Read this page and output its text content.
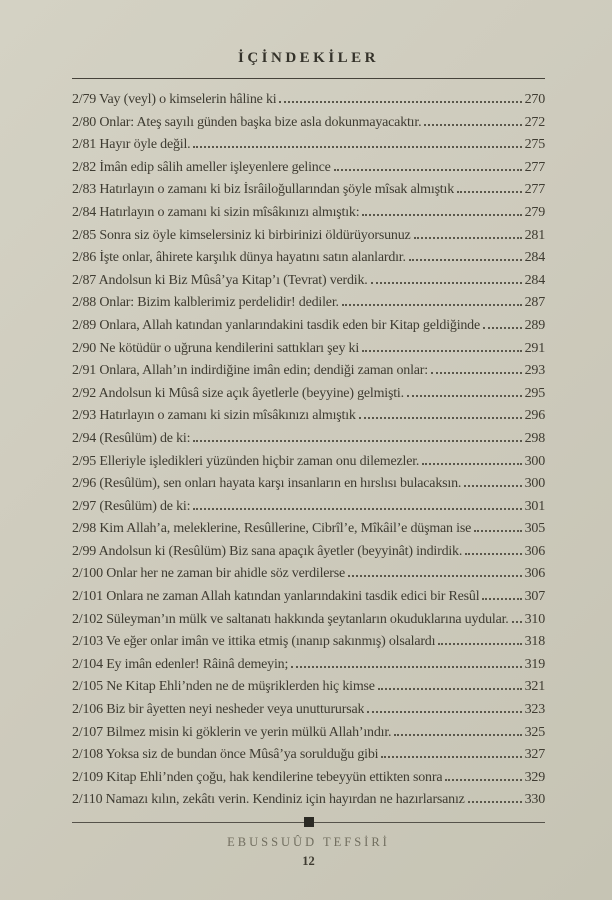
İÇİNDEKİLER
2/79 Vay (veyl) o kimselerin hâline ki	270
2/80 Onlar: Ateş sayılı günden başka bize asla dokunmayacaktır.	272
2/81 Hayır öyle değil.	275
2/82 İmân edip sâlih ameller işleyenlere gelince	277
2/83 Hatırlayın o zamanı ki biz İsrâiloğullarından şöyle mîsak almıştık	277
2/84 Hatırlayın o zamanı ki sizin mîsâkınızı almıştık:	279
2/85 Sonra siz öyle kimselersiniz ki birbirinizi öldürüyorsunuz	281
2/86 İşte onlar, âhirete karşılık dünya hayatını satın alanlardır.	284
2/87 Andolsun ki Biz Mûsâ’ya Kitap’ı (Tevrat) verdik.	284
2/88 Onlar: Bizim kalblerimiz perdelidir! dediler.	287
2/89 Onlara, Allah katından yanlarındakini tasdik eden bir Kitap geldiğinde	289
2/90 Ne kötüdür o uğruna kendilerini sattıkları şey ki	291
2/91 Onlara, Allah’ın indirdiğine imân edin; dendiği zaman onlar:	293
2/92 Andolsun ki Mûsâ size açık âyetlerle (beyyine) gelmişti.	295
2/93 Hatırlayın o zamanı ki sizin mîsâkınızı almıştık	296
2/94 (Resûlüm) de ki:	298
2/95 Elleriyle işledikleri yüzünden hiçbir zaman onu dilemezler.	300
2/96 (Resûlüm), sen onları hayata karşı insanların en hırslısı bulacaksın.	300
2/97 (Resûlüm) de ki:	301
2/98 Kim Allah’a, meleklerine, Resûllerine, Cibrîl’e, Mîkâil’e düşman ise	305
2/99 Andolsun ki (Resûlüm) Biz sana apaçık âyetler (beyyinât) indirdik.	306
2/100 Onlar her ne zaman bir ahidle söz verdilerse	306
2/101 Onlara ne zaman Allah katından yanlarındakini tasdik edici bir Resûl	307
2/102 Süleyman’ın mülk ve saltanatı hakkında şeytanların okuduklarına uydular. 310
2/103 Ve eğer onlar imân ve ittika etmiş (ınanıp sakınmış) olsalardı	318
2/104 Ey imân edenler! Râinâ demeyin;	319
2/105 Ne Kitap Ehli’nden ne de müşriklerden hiç kimse	321
2/106 Biz bir âyetten neyi nesheder veya unutturursak	323
2/107 Bilmez misin ki göklerin ve yerin mülkü Allah’ındır.	325
2/108 Yoksa siz de bundan önce Mûsâ’ya sorulduğu gibi	327
2/109 Kitap Ehli’nden çoğu, hak kendilerine tebeyyün ettikten sonra	329
2/110 Namazı kılın, zekâtı verin. Kendiniz için hayırdan ne hazırlarsanız	330
EBUSSUÛD TEFSİRİ
12
